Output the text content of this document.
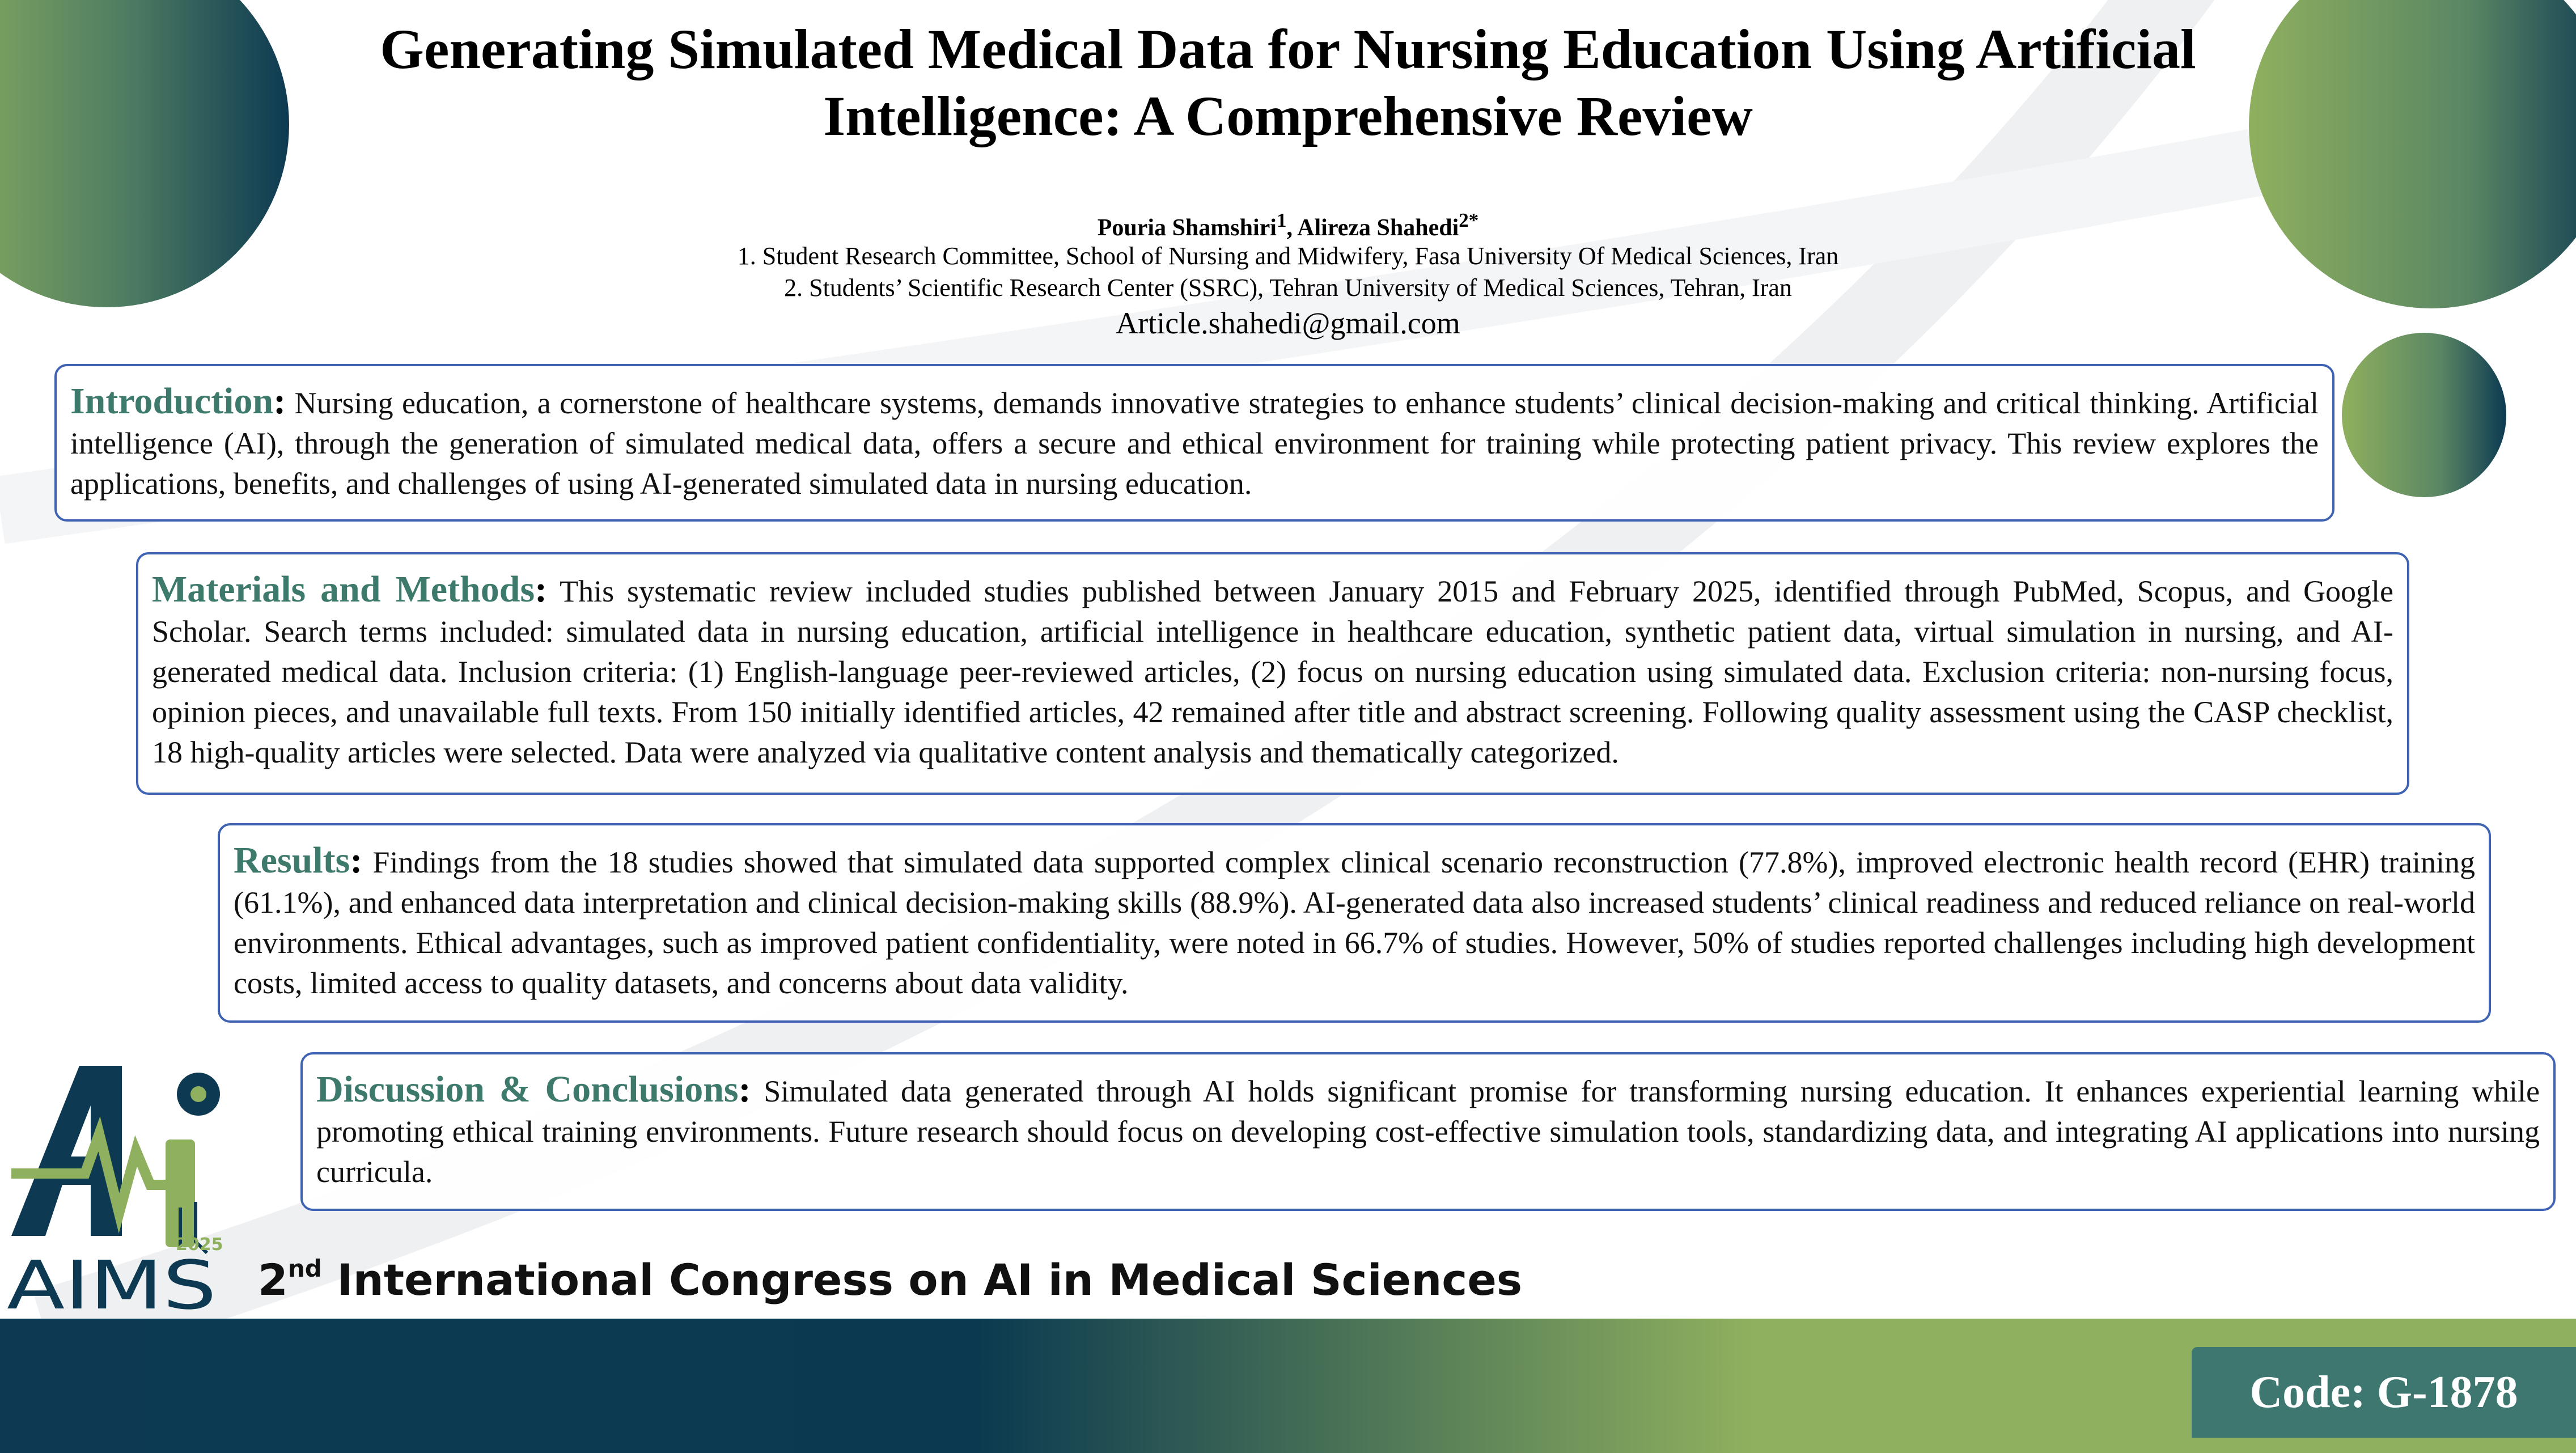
Generating Simulated Medical Data for Nursing Education Using Artificial Intelligence: A Comprehensive Review
Pouria Shamshiri$^1$, Alireza Shahedi$^{2*}$
1. Student Research Committee, School of Nursing and Midwifery, Fasa University Of Medical Sciences, Iran
2. Students’ Scientific Research Center (SSRC), Tehran University of Medical Sciences, Tehran, Iran
Article.shahedi@gmail.com
Introduction: Nursing education, a cornerstone of healthcare systems, demands innovative strategies to enhance students’ clinical decision-making and critical thinking. Artificial intelligence (AI), through the generation of simulated medical data, offers a secure and ethical environment for training while protecting patient privacy. This review explores the applications, benefits, and challenges of using AI-generated simulated data in nursing education.
Materials and Methods: This systematic review included studies published between January 2015 and February 2025, identified through PubMed, Scopus, and Google Scholar. Search terms included: simulated data in nursing education, artificial intelligence in healthcare education, synthetic patient data, virtual simulation in nursing, and AI-generated medical data. Inclusion criteria: (1) English-language peer-reviewed articles, (2) focus on nursing education using simulated data. Exclusion criteria: non-nursing focus, opinion pieces, and unavailable full texts. From 150 initially identified articles, 42 remained after title and abstract screening. Following quality assessment using the CASP checklist, 18 high-quality articles were selected. Data were analyzed via qualitative content analysis and thematically categorized.
Results: Findings from the 18 studies showed that simulated data supported complex clinical scenario reconstruction (77.8%), improved electronic health record (EHR) training (61.1%), and enhanced data interpretation and clinical decision-making skills (88.9%). AI-generated data also increased students’ clinical readiness and reduced reliance on real-world environments. Ethical advantages, such as improved patient confidentiality, were noted in 66.7% of studies. However, 50% of studies reported challenges including high development costs, limited access to quality datasets, and concerns about data validity.
Discussion & Conclusions: Simulated data generated through AI holds significant promise for transforming nursing education. It enhances experiential learning while promoting ethical training environments. Future research should focus on developing cost-effective simulation tools, standardizing data, and integrating AI applications into nursing curricula.
2025
AIMS 2nd International Congress on AI in Medical Sciences
Code: G-1878
